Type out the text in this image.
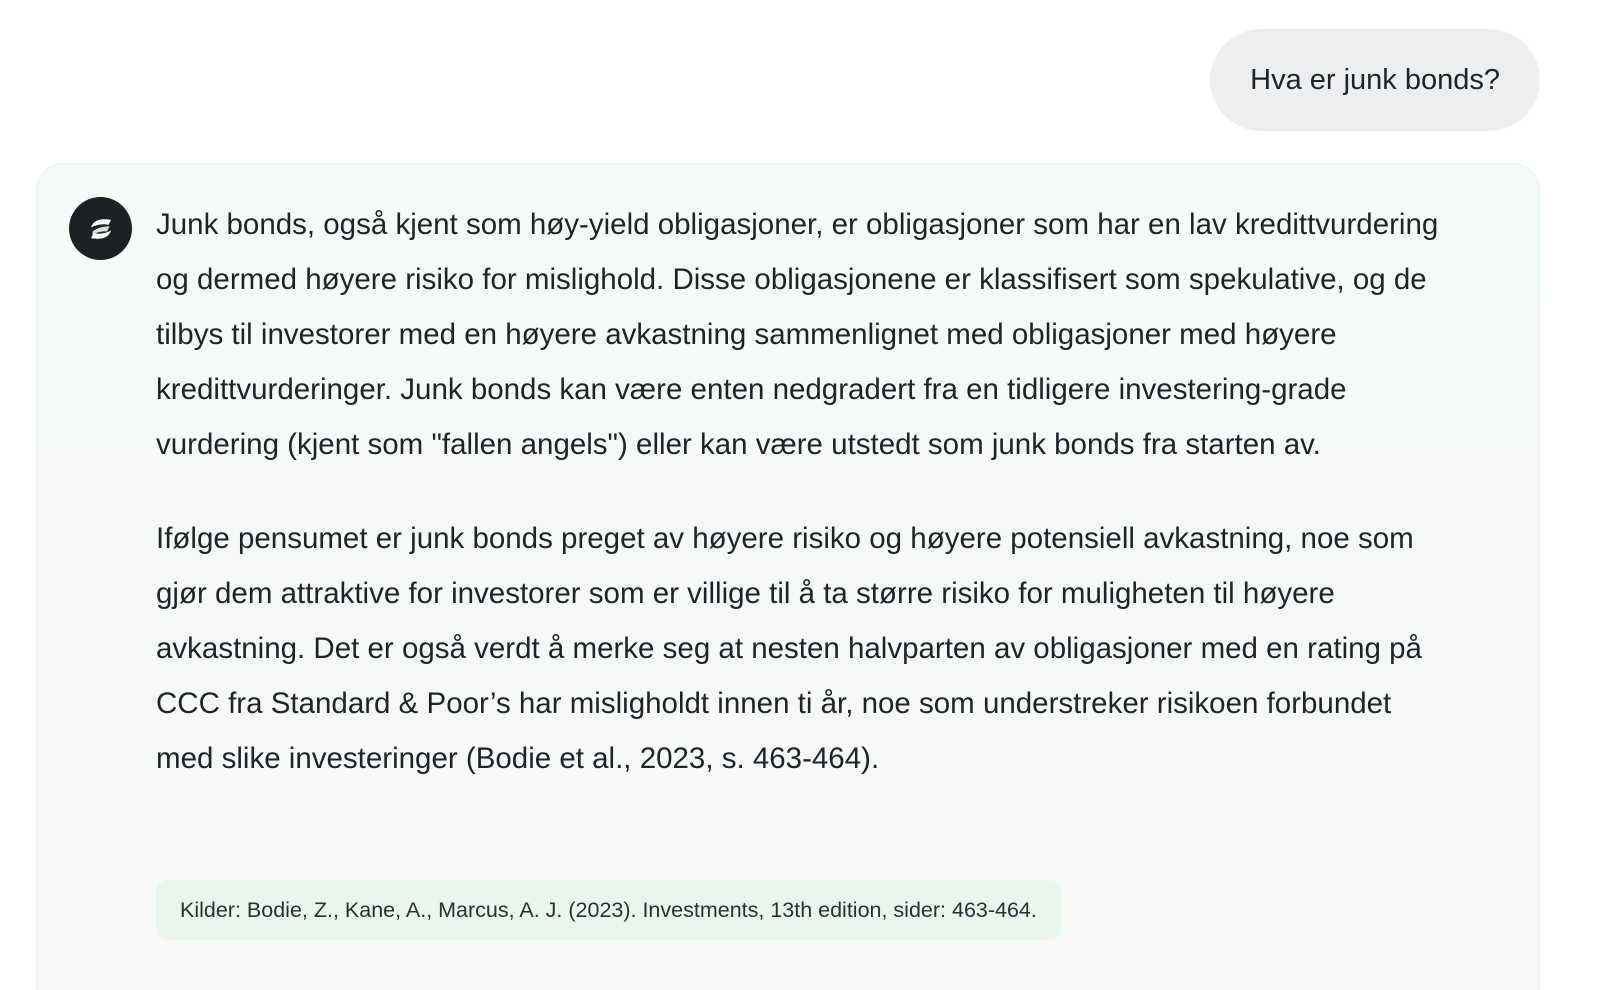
Hva er junk bonds?

Junk bonds, også kjent som høy-yield obligasjoner, er obligasjoner som har en lav kredittvurdering og dermed høyere risiko for mislighold. Disse obligasjonene er klassifisert som spekulative, og de tilbys til investorer med en høyere avkastning sammenlignet med obligasjoner med høyere kredittvurderinger. Junk bonds kan være enten nedgradert fra en tidligere investering-grade vurdering (kjent som "fallen angels") eller kan være utstedt som junk bonds fra starten av.

Ifølge pensumet er junk bonds preget av høyere risiko og høyere potensiell avkastning, noe som gjør dem attraktive for investorer som er villige til å ta større risiko for muligheten til høyere avkastning. Det er også verdt å merke seg at nesten halvparten av obligasjoner med en rating på CCC fra Standard & Poor’s har misligholdt innen ti år, noe som understreker risikoen forbundet med slike investeringer (Bodie et al., 2023, s. 463-464).

Kilder: Bodie, Z., Kane, A., Marcus, A. J. (2023). Investments, 13th edition, sider: 463-464.
